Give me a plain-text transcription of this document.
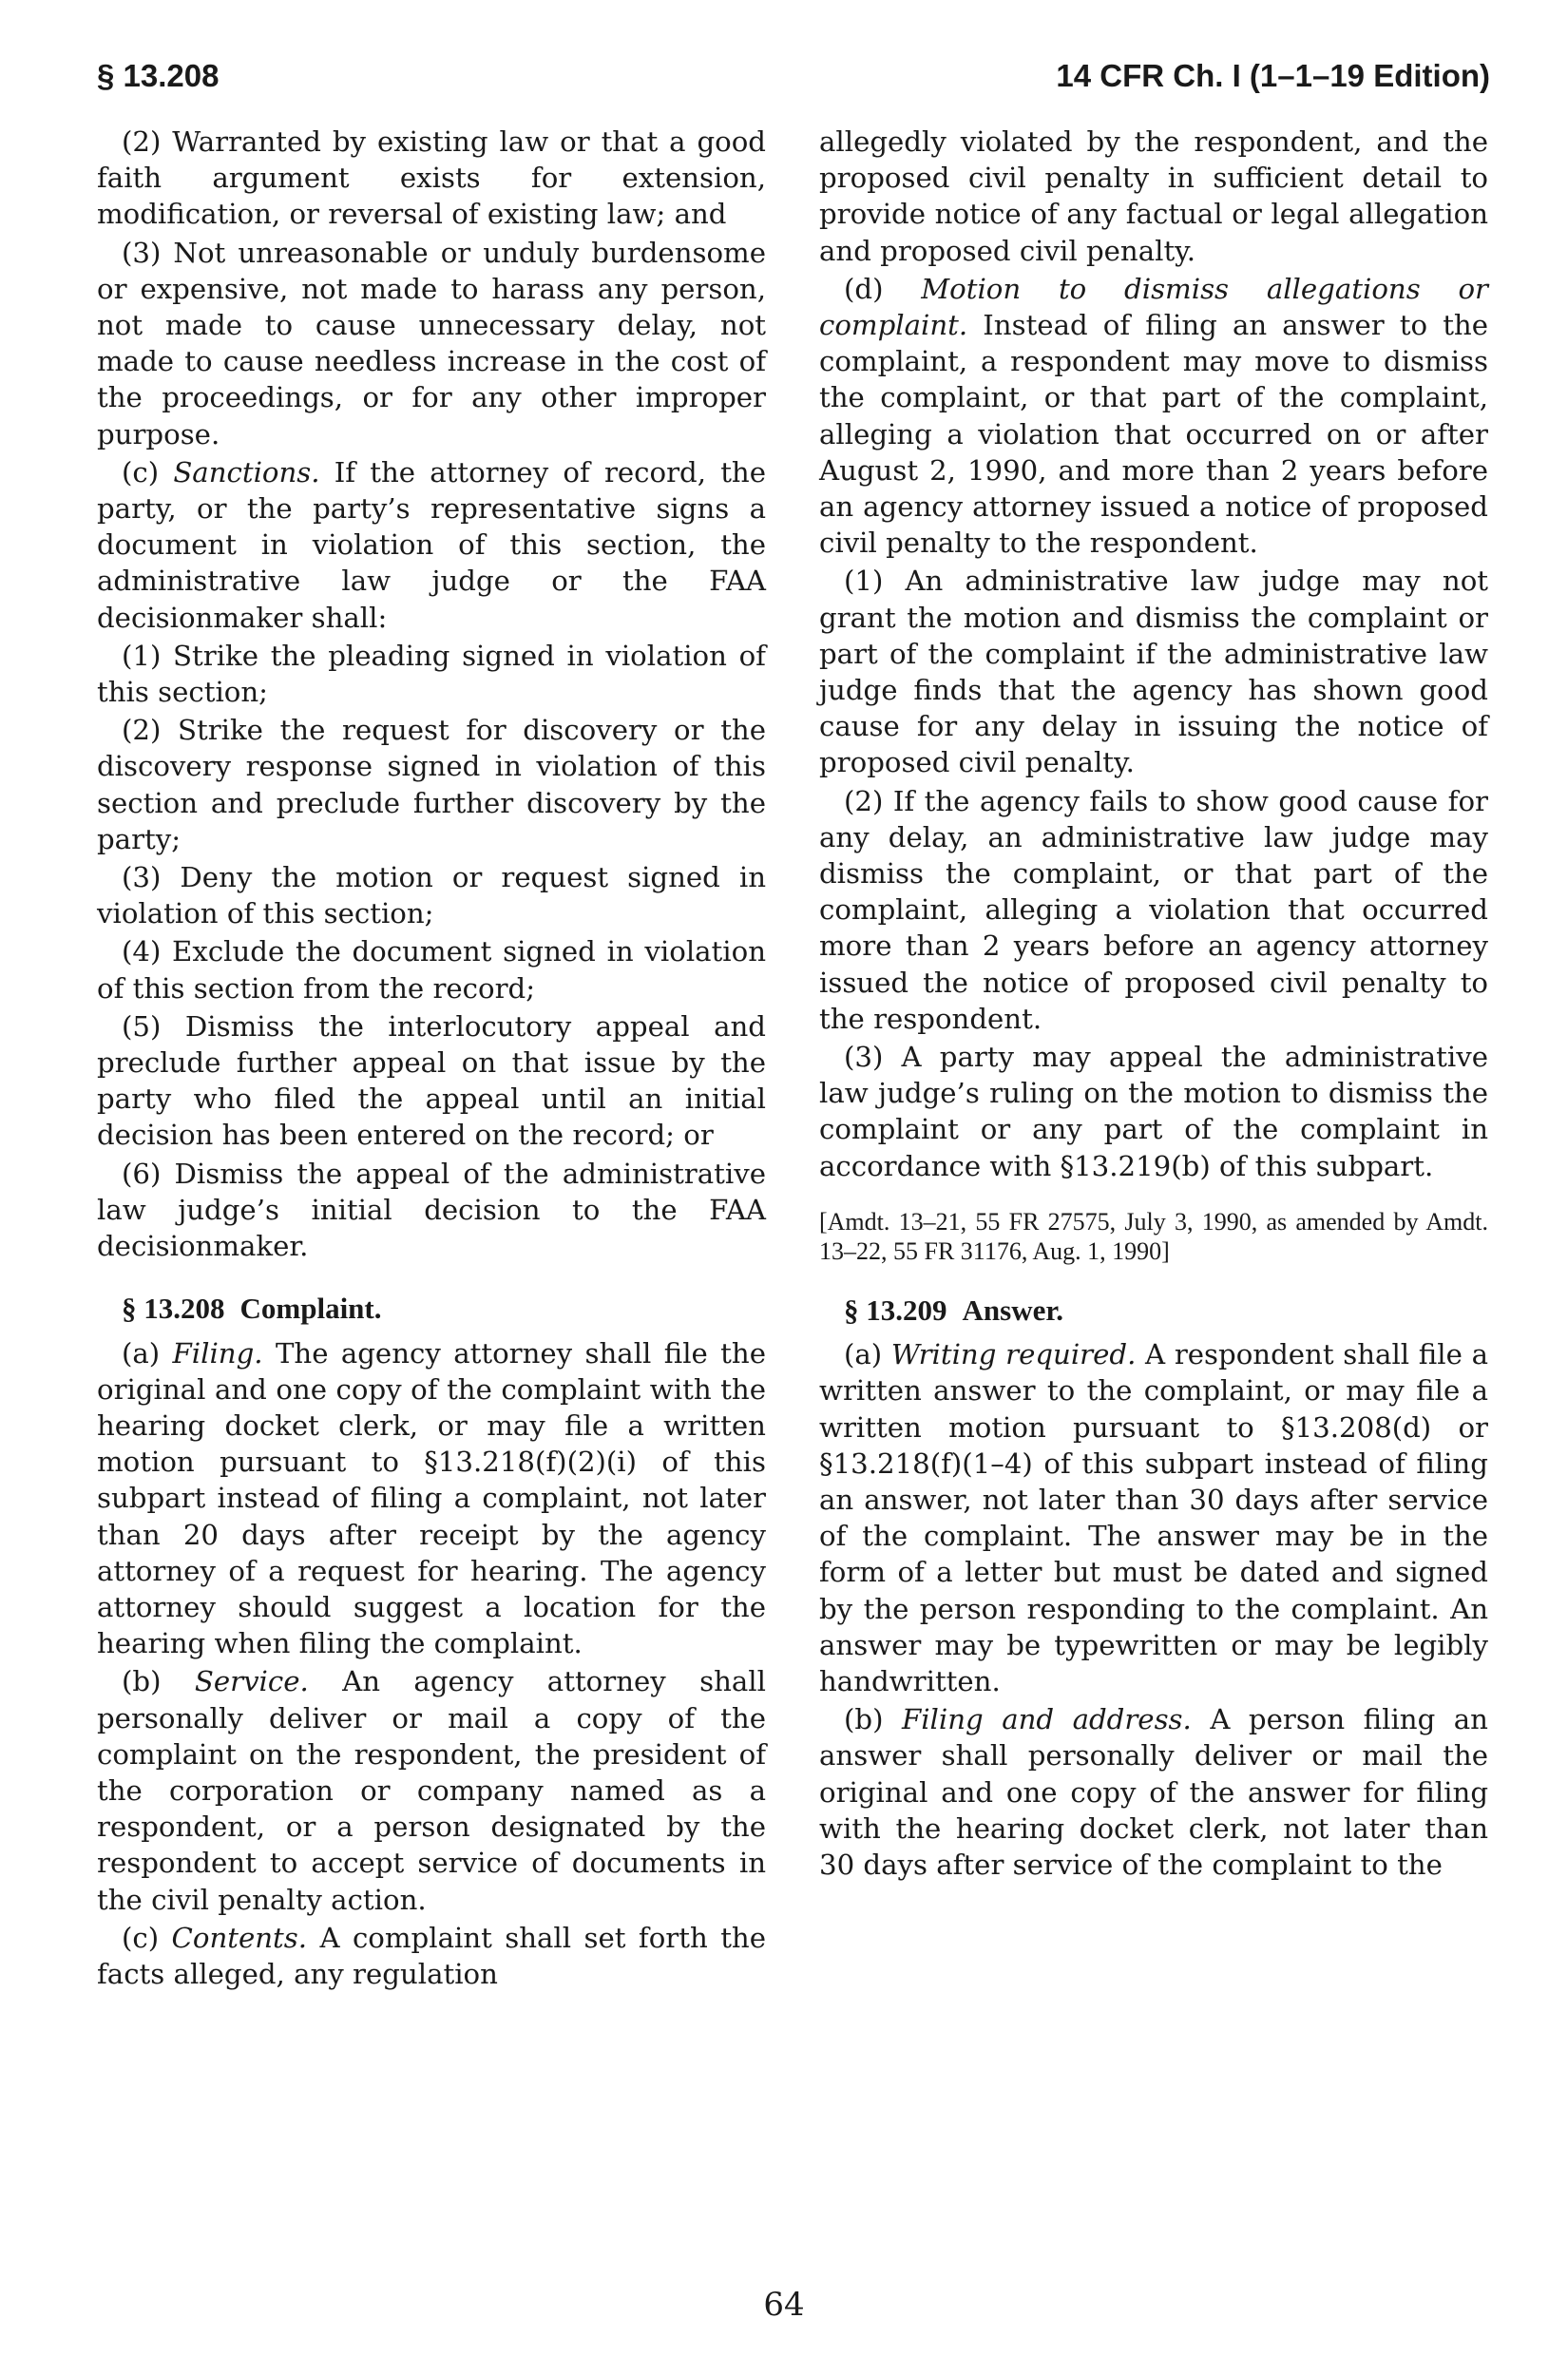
§ 13.208	14 CFR Ch. I (1–1–19 Edition)

(2) Warranted by existing law or that a good faith argument exists for extension, modification, or reversal of existing law; and

(3) Not unreasonable or unduly burdensome or expensive, not made to harass any person, not made to cause unnecessary delay, not made to cause needless increase in the cost of the proceedings, or for any other improper purpose.

(c) Sanctions. If the attorney of record, the party, or the party’s representative signs a document in violation of this section, the administrative law judge or the FAA decisionmaker shall:

(1) Strike the pleading signed in violation of this section;

(2) Strike the request for discovery or the discovery response signed in violation of this section and preclude further discovery by the party;

(3) Deny the motion or request signed in violation of this section;

(4) Exclude the document signed in violation of this section from the record;

(5) Dismiss the interlocutory appeal and preclude further appeal on that issue by the party who filed the appeal until an initial decision has been entered on the record; or

(6) Dismiss the appeal of the administrative law judge’s initial decision to the FAA decisionmaker.

§ 13.208 Complaint.

(a) Filing. The agency attorney shall file the original and one copy of the complaint with the hearing docket clerk, or may file a written motion pursuant to §13.218(f)(2)(i) of this subpart instead of filing a complaint, not later than 20 days after receipt by the agency attorney of a request for hearing. The agency attorney should suggest a location for the hearing when filing the complaint.

(b) Service. An agency attorney shall personally deliver or mail a copy of the complaint on the respondent, the president of the corporation or company named as a respondent, or a person designated by the respondent to accept service of documents in the civil penalty action.

(c) Contents. A complaint shall set forth the facts alleged, any regulation

allegedly violated by the respondent, and the proposed civil penalty in sufficient detail to provide notice of any factual or legal allegation and proposed civil penalty.

(d) Motion to dismiss allegations or complaint. Instead of filing an answer to the complaint, a respondent may move to dismiss the complaint, or that part of the complaint, alleging a violation that occurred on or after August 2, 1990, and more than 2 years before an agency attorney issued a notice of proposed civil penalty to the respondent.

(1) An administrative law judge may not grant the motion and dismiss the complaint or part of the complaint if the administrative law judge finds that the agency has shown good cause for any delay in issuing the notice of proposed civil penalty.

(2) If the agency fails to show good cause for any delay, an administrative law judge may dismiss the complaint, or that part of the complaint, alleging a violation that occurred more than 2 years before an agency attorney issued the notice of proposed civil penalty to the respondent.

(3) A party may appeal the administrative law judge’s ruling on the motion to dismiss the complaint or any part of the complaint in accordance with §13.219(b) of this subpart.

[Amdt. 13–21, 55 FR 27575, July 3, 1990, as amended by Amdt. 13–22, 55 FR 31176, Aug. 1, 1990]

§ 13.209 Answer.

(a) Writing required. A respondent shall file a written answer to the complaint, or may file a written motion pursuant to §13.208(d) or §13.218(f)(1–4) of this subpart instead of filing an answer, not later than 30 days after service of the complaint. The answer may be in the form of a letter but must be dated and signed by the person responding to the complaint. An answer may be typewritten or may be legibly handwritten.

(b) Filing and address. A person filing an answer shall personally deliver or mail the original and one copy of the answer for filing with the hearing docket clerk, not later than 30 days after service of the complaint to the

64
